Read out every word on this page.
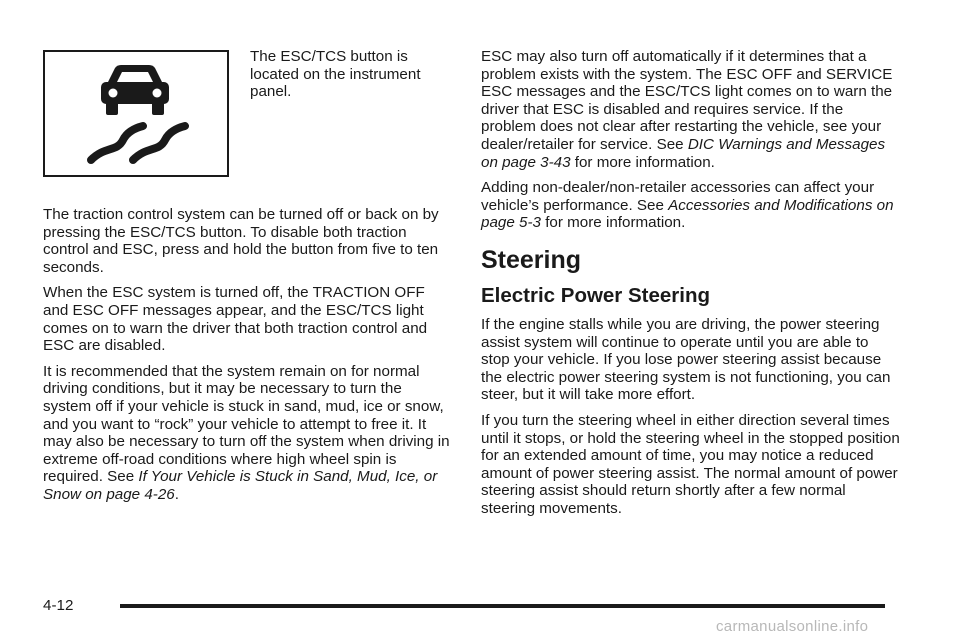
The ESC/TCS button is located on the instrument panel.

The traction control system can be turned off or back on by pressing the ESC/TCS button. To disable both traction control and ESC, press and hold the button from five to ten seconds.

When the ESC system is turned off, the TRACTION OFF and ESC OFF messages appear, and the ESC/TCS light comes on to warn the driver that both traction control and ESC are disabled.

It is recommended that the system remain on for normal driving conditions, but it may be necessary to turn the system off if your vehicle is stuck in sand, mud, ice or snow, and you want to “rock” your vehicle to attempt to free it. It may also be necessary to turn off the system when driving in extreme off-road conditions where high wheel spin is required. See If Your Vehicle is Stuck in Sand, Mud, Ice, or Snow on page 4-26.

ESC may also turn off automatically if it determines that a problem exists with the system. The ESC OFF and SERVICE ESC messages and the ESC/TCS light comes on to warn the driver that ESC is disabled and requires service. If the problem does not clear after restarting the vehicle, see your dealer/retailer for service. See DIC Warnings and Messages on page 3-43 for more information.

Adding non-dealer/non-retailer accessories can affect your vehicle’s performance. See Accessories and Modifications on page 5-3 for more information.

Steering
Electric Power Steering

If the engine stalls while you are driving, the power steering assist system will continue to operate until you are able to stop your vehicle. If you lose power steering assist because the electric power steering system is not functioning, you can steer, but it will take more effort.

If you turn the steering wheel in either direction several times until it stops, or hold the steering wheel in the stopped position for an extended amount of time, you may notice a reduced amount of power steering assist. The normal amount of power steering assist should return shortly after a few normal steering movements.

4-12
carmanualsonline.info
